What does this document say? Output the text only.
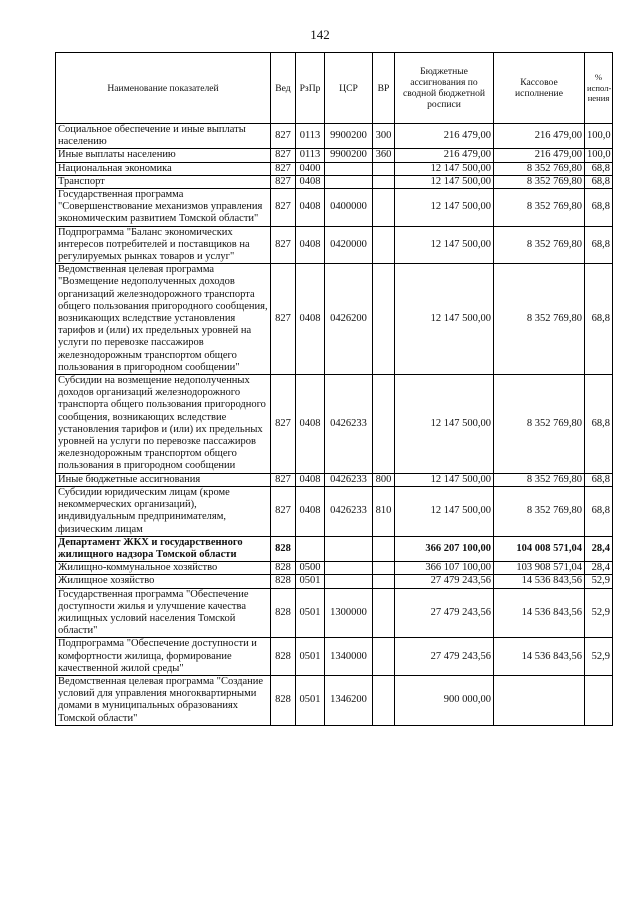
142
Наименование показателей	Вед	РзПр	ЦСР	ВР	Бюджетные ассигнования по сводной бюджетной росписи	Кассовое исполнение	% испол-нения
Социальное обеспечение и иные выплаты населению	827	0113	9900200	300	216 479,00	216 479,00	100,0
Иные выплаты населению	827	0113	9900200	360	216 479,00	216 479,00	100,0
Национальная экономика	827	0400			12 147 500,00	8 352 769,80	68,8
Транспорт	827	0408			12 147 500,00	8 352 769,80	68,8
Государственная программа "Совершенствование механизмов управления экономическим развитием Томской области"	827	0408	0400000		12 147 500,00	8 352 769,80	68,8
Подпрограмма "Баланс экономических интересов потребителей и поставщиков на регулируемых рынках товаров и услуг"	827	0408	0420000		12 147 500,00	8 352 769,80	68,8
Ведомственная целевая программа "Возмещение недополученных доходов организаций железнодорожного транспорта общего пользования пригородного сообщения, возникающих вследствие установления тарифов и (или) их предельных уровней на услуги по перевозке пассажиров железнодорожным транспортом общего пользования в пригородном сообщении"	827	0408	0426200		12 147 500,00	8 352 769,80	68,8
Субсидии на возмещение недополученных доходов организаций железнодорожного транспорта общего пользования пригородного сообщения, возникающих вследствие установления тарифов и (или) их предельных уровней на услуги по перевозке пассажиров железнодорожным транспортом общего пользования в пригородном сообщении	827	0408	0426233		12 147 500,00	8 352 769,80	68,8
Иные бюджетные ассигнования	827	0408	0426233	800	12 147 500,00	8 352 769,80	68,8
Субсидии юридическим лицам (кроме некоммерческих организаций), индивидуальным предпринимателям, физическим лицам	827	0408	0426233	810	12 147 500,00	8 352 769,80	68,8
Департамент ЖКХ и государственного жилищного надзора Томской области	828				366 207 100,00	104 008 571,04	28,4
Жилищно-коммунальное хозяйство	828	0500			366 107 100,00	103 908 571,04	28,4
Жилищное хозяйство	828	0501			27 479 243,56	14 536 843,56	52,9
Государственная программа "Обеспечение доступности жилья и улучшение качества жилищных условий населения Томской области"	828	0501	1300000		27 479 243,56	14 536 843,56	52,9
Подпрограмма "Обеспечение доступности и комфортности жилища, формирование качественной жилой среды"	828	0501	1340000		27 479 243,56	14 536 843,56	52,9
Ведомственная целевая программа "Создание условий для управления многоквартирными домами в муниципальных образованиях Томской области"	828	0501	1346200		900 000,00		
